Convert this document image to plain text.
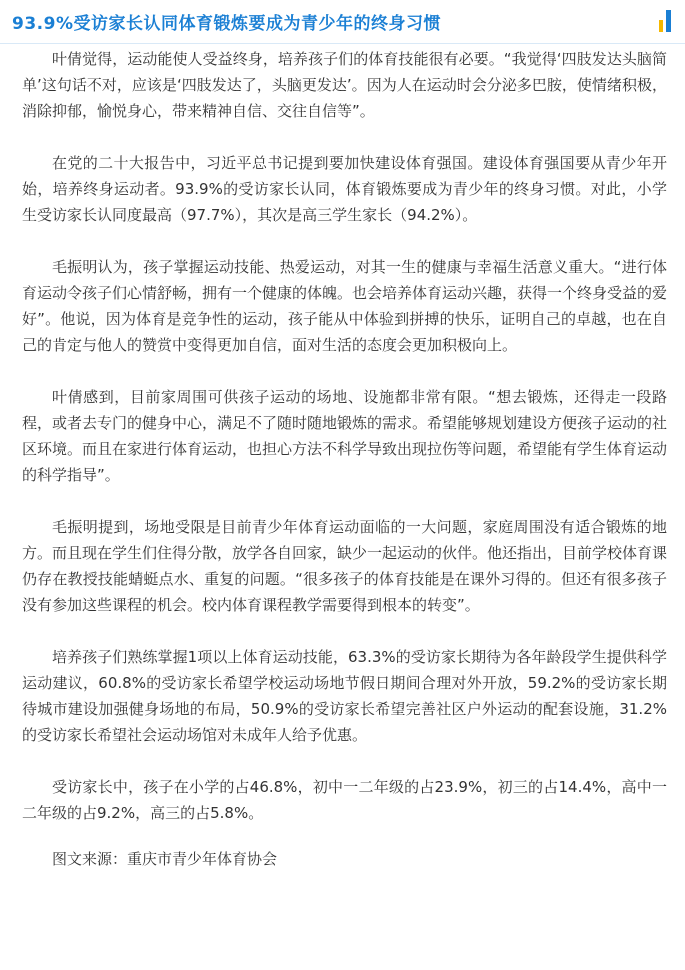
93.9%受访家长认同体育锻炼要成为青少年的终身习惯

叶倩觉得，运动能使人受益终身，培养孩子们的体育技能很有必要。“我觉得‘四肢发达头脑简单’这句话不对，应该是‘四肢发达了，头脑更发达’。因为人在运动时会分泌多巴胺，使情绪积极，消除抑郁，愉悦身心，带来精神自信、交往自信等”。

在党的二十大报告中，习近平总书记提到要加快建设体育强国。建设体育强国要从青少年开始，培养终身运动者。93.9%的受访家长认同，体育锻炼要成为青少年的终身习惯。对此，小学生受访家长认同度最高（97.7%），其次是高三学生家长（94.2%）。

毛振明认为，孩子掌握运动技能、热爱运动，对其一生的健康与幸福生活意义重大。“进行体育运动令孩子们心情舒畅，拥有一个健康的体魄。也会培养体育运动兴趣，获得一个终身受益的爱好”。他说，因为体育是竞争性的运动，孩子能从中体验到拼搏的快乐，证明自己的卓越，也在自己的肯定与他人的赞赏中变得更加自信，面对生活的态度会更加积极向上。

叶倩感到，目前家周围可供孩子运动的场地、设施都非常有限。“想去锻炼，还得走一段路程，或者去专门的健身中心，满足不了随时随地锻炼的需求。希望能够规划建设方便孩子运动的社区环境。而且在家进行体育运动，也担心方法不科学导致出现拉伤等问题，希望能有学生体育运动的科学指导”。

毛振明提到，场地受限是目前青少年体育运动面临的一大问题，家庭周围没有适合锻炼的地方。而且现在学生们住得分散，放学各自回家，缺少一起运动的伙伴。他还指出，目前学校体育课仍存在教授技能蜻蜓点水、重复的问题。“很多孩子的体育技能是在课外习得的。但还有很多孩子没有参加这些课程的机会。校内体育课程教学需要得到根本的转变”。

培养孩子们熟练掌握1项以上体育运动技能，63.3%的受访家长期待为各年龄段学生提供科学运动建议，60.8%的受访家长希望学校运动场地节假日期间合理对外开放，59.2%的受访家长期待城市建设加强健身场地的布局，50.9%的受访家长希望完善社区户外运动的配套设施，31.2%的受访家长希望社会运动场馆对未成年人给予优惠。

受访家长中，孩子在小学的占46.8%，初中一二年级的占23.9%，初三的占14.4%，高中一二年级的占9.2%，高三的占5.8%。

图文来源：重庆市青少年体育协会
